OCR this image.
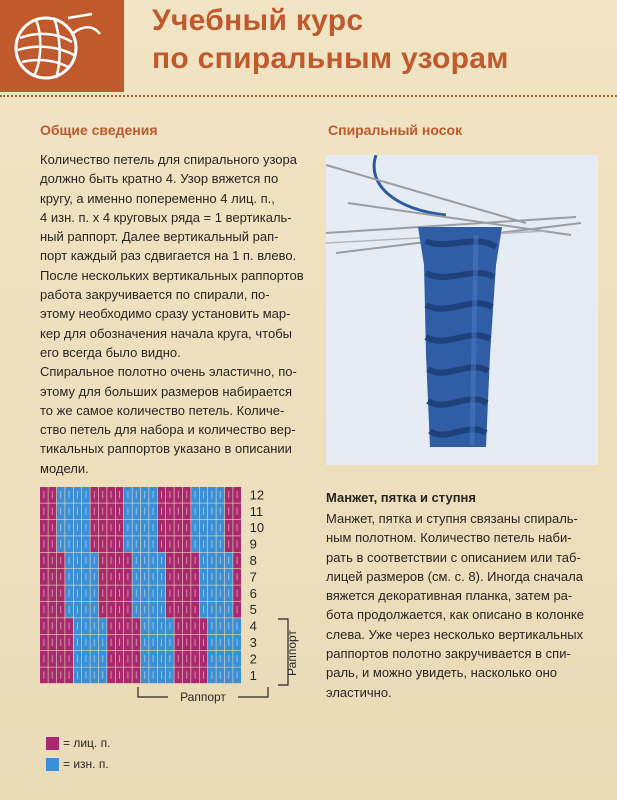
Учебный курс
по спиральным узорам
Общие сведения

Количество петель для спирального узора

должно быть кратно 4. Узор вяжется по

кругу, а именно попеременно 4 лиц. п.,

4 изн. п. х 4 круговых ряда = 1 вертикаль-

ный раппорт. Далее вертикальный рап-

порт каждый раз сдвигается на 1 п. влево.

После нескольких вертикальных раппортов

работа закручивается по спирали, по-

этому необходимо сразу установить мар-

кер для обозначения начала круга, чтобы

его всегда было видно.

Спиральное полотно очень эластично, по-

этому для больших размеров набирается

то же самое количество петель. Количе-

ство петель для набора и количество вер-

тикальных раппортов указано в описании

модели.

Спиральный носок
12
11
10
9
8
7
6
5
4
3
2
1 Раппорт
Раппорт
= лиц. п.
= изн. п.
Манжет, пятка и ступня

Манжет, пятка и ступня связаны спираль-

ным полотном. Количество петель наби-

рать в соответствии с описанием или таб-

лицей размеров (см. с. 8). Иногда сначала

вяжется декоративная планка, затем ра-

бота продолжается, как описано в колонке

слева. Уже через несколько вертикальных

раппортов полотно закручивается в спи-

раль, и можно увидеть, насколько оно

эластично.
